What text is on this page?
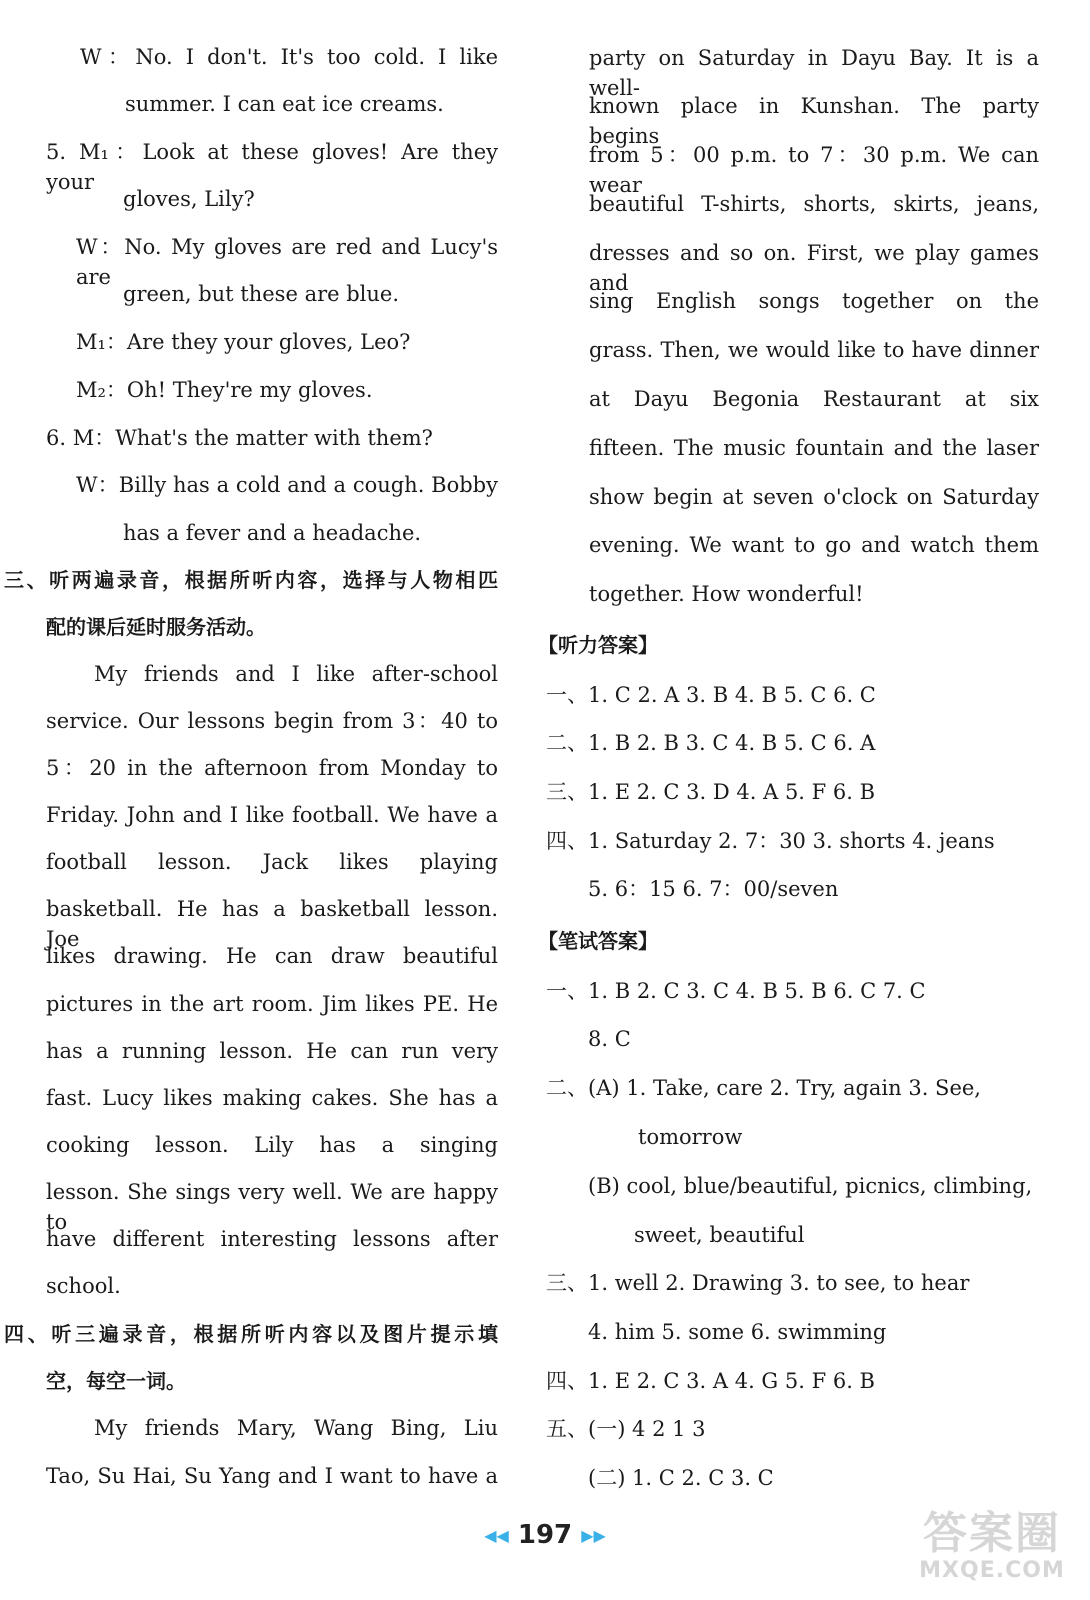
W：No. I don't. It's too cold. I like
summer. I can eat ice creams.
5. M₁：Look at these gloves! Are they your
gloves, Lily?
W：No. My gloves are red and Lucy's are
green, but these are blue.
M₁：Are they your gloves, Leo?
M₂：Oh! They're my gloves.
6. M：What's the matter with them?
W：Billy has a cold and a cough. Bobby
has a fever and a headache.
三、听两遍录音，根据所听内容，选择与人物相匹
配的课后延时服务活动。
My friends and I like after-school
service. Our lessons begin from 3：40 to
5：20 in the afternoon from Monday to
Friday. John and I like football. We have a
football lesson. Jack likes playing
basketball. He has a basketball lesson. Joe
likes drawing. He can draw beautiful
pictures in the art room. Jim likes PE. He
has a running lesson. He can run very
fast. Lucy likes making cakes. She has a
cooking lesson. Lily has a singing
lesson. She sings very well. We are happy to
have different interesting lessons after
school.
四、听三遍录音，根据所听内容以及图片提示填
空，每空一词。
My friends Mary, Wang Bing, Liu
Tao, Su Hai, Su Yang and I want to have a
party on Saturday in Dayu Bay. It is a well-
known place in Kunshan. The party begins
from 5：00 p.m. to 7：30 p.m. We can wear
beautiful T-shirts, shorts, skirts, jeans,
dresses and so on. First, we play games and
sing English songs together on the
grass. Then, we would like to have dinner
at Dayu Begonia Restaurant at six
fifteen. The music fountain and the laser
show begin at seven o'clock on Saturday
evening. We want to go and watch them
together. How wonderful!
【听力答案】
一、1. C 2. A 3. B 4. B 5. C 6. C
二、1. B 2. B 3. C 4. B 5. C 6. A
三、1. E 2. C 3. D 4. A 5. F 6. B
四、1. Saturday 2. 7：30 3. shorts 4. jeans
5. 6：15 6. 7：00/seven
【笔试答案】
一、1. B 2. C 3. C 4. B 5. B 6. C 7. C
8. C
二、(A) 1. Take, care 2. Try, again 3. See,
tomorrow
(B) cool, blue/beautiful, picnics, climbing,
sweet, beautiful
三、1. well 2. Drawing 3. to see, to hear
4. him 5. some 6. swimming
四、1. E 2. C 3. A 4. G 5. F 6. B
五、(一) 4 2 1 3
(二) 1. C 2. C 3. C
◀◀ 197 ▶▶	答案圈
MXQE.COM
